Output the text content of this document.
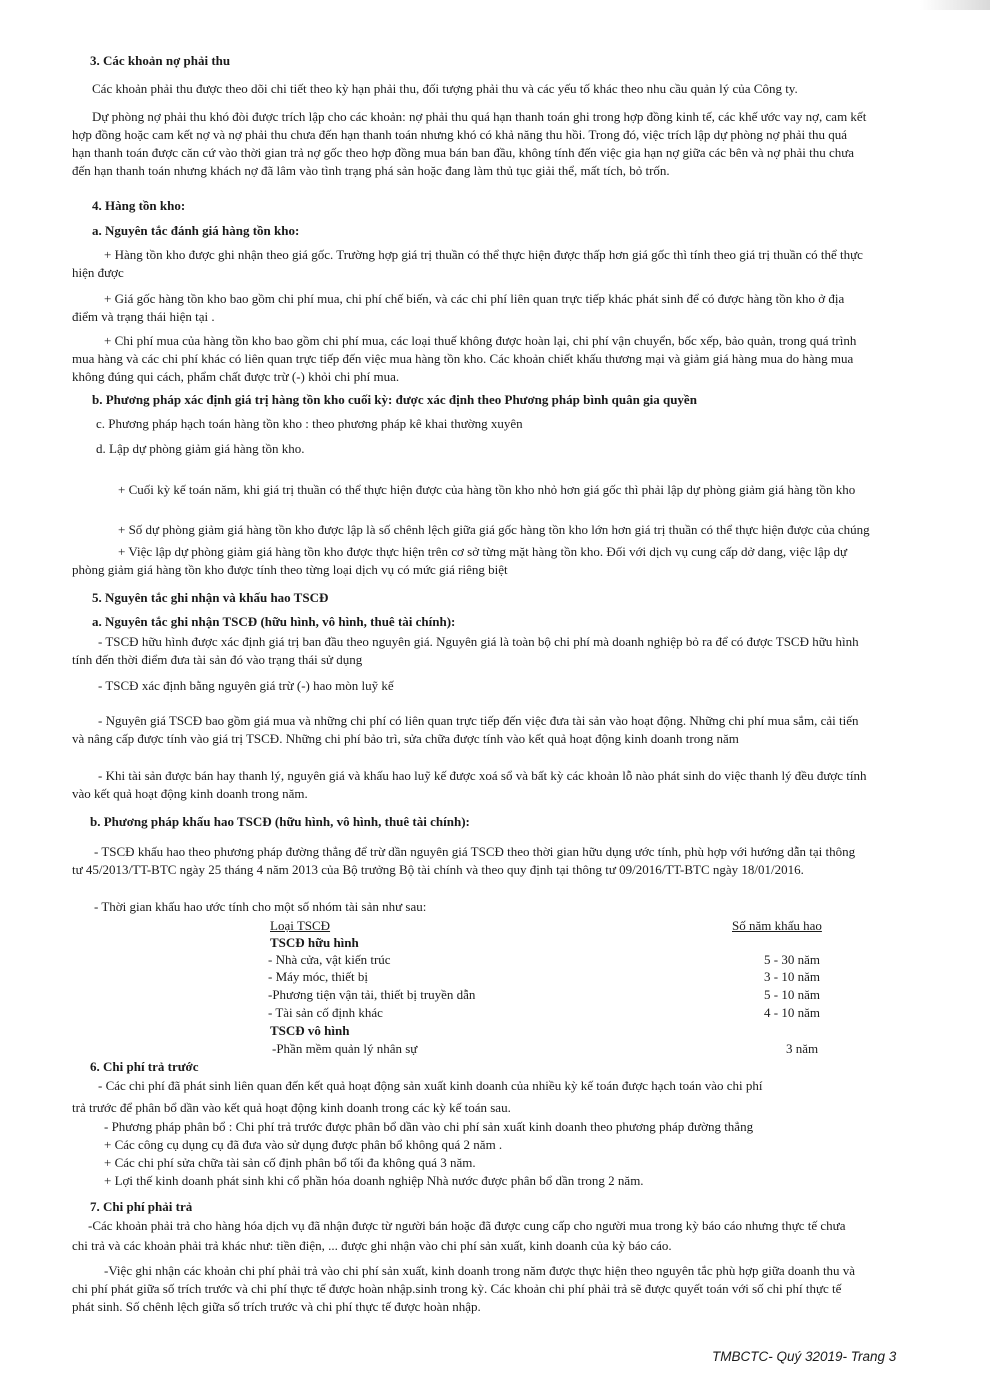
3. Các khoản nợ phải thu
Các khoản phải thu được theo dõi chi tiết theo kỳ hạn phải thu, đối tượng phải thu và các yếu tố khác theo nhu cầu quản lý của Công ty.
Dự phòng nợ phải thu khó đòi được trích lập cho các khoản: nợ phải thu quá hạn thanh toán ghi trong hợp đồng kinh tế, các khế ước vay nợ, cam kết
hợp đồng hoặc cam kết nợ và nợ phải thu chưa đến hạn thanh toán nhưng khó có khả năng thu hồi. Trong đó, việc trích lập dự phòng nợ phải thu quá
hạn thanh toán được căn cứ vào thời gian trả nợ gốc theo hợp đồng mua bán ban đầu, không tính đến việc gia hạn nợ giữa các bên và nợ phải thu chưa
đến hạn thanh toán nhưng khách nợ đã lâm vào tình trạng phá sản hoặc đang làm thủ tục giải thể, mất tích, bỏ trốn.
4. Hàng tồn kho:
a. Nguyên tắc đánh giá hàng tồn kho:
+ Hàng tồn kho được ghi nhận theo giá gốc. Trường hợp giá trị thuần có thể thực hiện được thấp hơn giá gốc thì tính theo giá trị thuần có thể thực
hiện được
+ Giá gốc hàng tồn kho bao gồm chi phí mua, chi phí chế biến, và các chi phí liên quan trực tiếp khác phát sinh để có được hàng tồn kho ở địa
điểm và trạng thái hiện tại .
+ Chi phí mua của hàng tồn kho bao gồm chi phí mua, các loại thuế không được hoàn lại, chi phí vận chuyển, bốc xếp, bảo quản, trong quá trình
mua hàng và các chi phí khác có liên quan trực tiếp đến việc mua hàng tồn kho. Các khoản chiết khấu thương mại và giảm giá hàng mua do hàng mua
không đúng qui cách, phẩm chất được trừ (-) khỏi chi phí mua.
b. Phương pháp xác định giá trị hàng tồn kho cuối kỳ: được xác định theo Phương pháp bình quân gia quyền
c. Phương pháp hạch toán hàng tồn kho : theo phương pháp kê khai thường xuyên
d. Lập dự phòng giảm giá hàng tồn kho.
+ Cuối kỳ kế toán năm, khi giá trị thuần có thể thực hiện được của hàng tồn kho nhỏ hơn giá gốc thì phải lập dự phòng giảm giá hàng tồn kho
+ Số dự phòng giảm giá hàng tồn kho được lập là số chênh lệch giữa giá gốc hàng tồn kho lớn hơn giá trị thuần có thể thực hiện được của chúng
+ Việc lập dự phòng giảm giá hàng tồn kho được thực hiện trên cơ sở từng mặt hàng tồn kho. Đối với dịch vụ cung cấp dở dang, việc lập dự
phòng giảm giá hàng tồn kho được tính theo từng loại dịch vụ có mức giá riêng biệt
5. Nguyên tắc ghi nhận và khấu hao TSCĐ
a. Nguyên tắc ghi nhận TSCĐ (hữu hình, vô hình, thuê tài chính):
- TSCĐ hữu hình được xác định giá trị ban đầu theo nguyên giá. Nguyên giá là toàn bộ chi phí mà doanh nghiệp bỏ ra để có được TSCĐ hữu hình
tính đến thời điểm đưa tài sản đó vào trạng thái sử dụng
- TSCĐ xác định bằng nguyên giá trừ (-) hao mòn luỹ kế
- Nguyên giá TSCĐ bao gồm giá mua và những chi phí có liên quan trực tiếp đến việc đưa tài sản vào hoạt động. Những chi phí mua sắm, cải tiến
và nâng cấp được tính vào giá trị TSCĐ. Những chi phí bảo trì, sửa chữa được tính vào kết quả hoạt động kinh doanh trong năm
- Khi tài sản được bán hay thanh lý, nguyên giá và khấu hao luỹ kế được xoá sổ và bất kỳ các khoản lỗ nào phát sinh do việc thanh lý đều được tính
vào kết quả hoạt động kinh doanh trong năm.
b. Phương pháp khấu hao TSCĐ (hữu hình, vô hình, thuê tài chính):
- TSCĐ khấu hao theo phương pháp đường thẳng để trừ dần nguyên giá TSCĐ theo thời gian hữu dụng ước tính, phù hợp với hướng dẫn tại thông
tư 45/2013/TT-BTC ngày 25 tháng 4 năm 2013 của Bộ trưởng Bộ tài chính và theo quy định tại thông tư 09/2016/TT-BTC ngày 18/01/2016.
- Thời gian khấu hao ước tính cho một số nhóm tài sản như sau:
Loại TSCĐ	Số năm khấu hao
TSCĐ hữu hình
- Nhà cửa, vật kiến trúc	5 - 30 năm
- Máy móc, thiết bị	3 - 10 năm
-Phương tiện vận tải, thiết bị truyền dẫn	5 - 10 năm
- Tài sản cố định khác	4 - 10 năm
TSCĐ vô hình
-Phần mềm quản lý nhân sự	3 năm
6. Chi phí trả trước
- Các chi phí đã phát sinh liên quan đến kết quả hoạt động sản xuất kinh doanh của nhiều kỳ kế toán được hạch toán vào chi phí
trả trước để phân bổ dần vào kết quả hoạt động kinh doanh trong các kỳ kế toán sau.
- Phương pháp phân bổ : Chi phí trả trước được phân bổ dần vào chi phí sản xuất kinh doanh theo phương pháp đường thẳng
+ Các công cụ dụng cụ đã đưa vào sử dụng được phân bổ không quá 2 năm .
+ Các chi phí sửa chữa tài sản cố định phân bổ tối đa không quá 3 năm.
+ Lợi thế kinh doanh phát sinh khi cổ phần hóa doanh nghiệp Nhà nước được phân bổ dần trong 2 năm.
7. Chi phí phải trả
-Các khoản phải trả cho hàng hóa dịch vụ đã nhận được từ người bán hoặc đã được cung cấp cho người mua trong kỳ báo cáo nhưng thực tế chưa
chi trả và các khoản phải trả khác như: tiền điện, ... được ghi nhận vào chi phí sản xuất, kinh doanh của kỳ báo cáo.
-Việc ghi nhận các khoản chi phí phải trả vào chi phí sản xuất, kinh doanh trong năm được thực hiện theo nguyên tắc phù hợp giữa doanh thu và
chi phí phát giữa số trích trước và chi phí thực tế được hoàn nhập.sinh trong kỳ. Các khoản chi phí phải trả sẽ được quyết toán với số chi phí thực tế
phát sinh. Số chênh lệch giữa số trích trước và chi phí thực tế được hoàn nhập.
TMBCTC- Quý 32019- Trang 3
